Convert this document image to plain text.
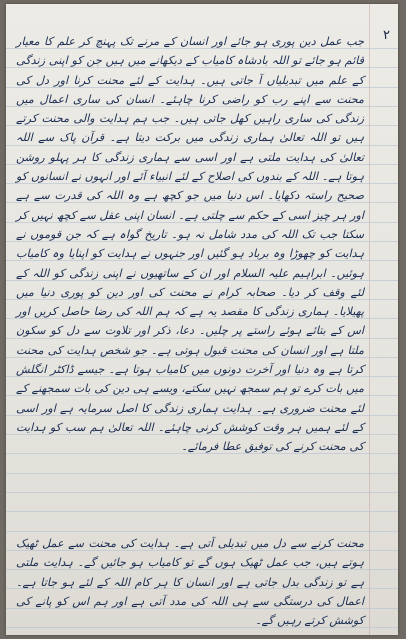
۲

جب عمل دین پوری ہو جائے اور انسان کے مرنے تک پہنچ کر علم کا معیار قائم ہو جائے تو اللہ بادشاہ کامیاب کے دیکھانے میں ہیں جن کو اپنی زندگی کے علم میں تبدیلیاں آ جاتی ہیں۔ ہدایت کے لئے محنت کرنا اور دل کی محنت سے اپنے رب کو راضی کرنا چاہئے۔ انسان کی ساری اعمال میں زندگی کی ساری راہیں کھل جاتی ہیں۔ جب ہم ہدایت والی محنت کرتے ہیں تو اللہ تعالیٰ ہماری زندگی میں برکت دیتا ہے۔ قرآن پاک سے اللہ تعالیٰ کی ہدایت ملتی ہے اور اسی سے ہماری زندگی کا ہر پہلو روشن ہوتا ہے۔ اللہ کے بندوں کی اصلاح کے لئے انبیاء آئے اور انہوں نے انسانوں کو صحیح راستہ دکھایا۔ اس دنیا میں جو کچھ ہے وہ اللہ کی قدرت سے ہے اور ہر چیز اسی کے حکم سے چلتی ہے۔ انسان اپنی عقل سے کچھ نہیں کر سکتا جب تک اللہ کی مدد شامل نہ ہو۔ تاریخ گواہ ہے کہ جن قوموں نے ہدایت کو چھوڑا وہ برباد ہو گئیں اور جنہوں نے ہدایت کو اپنایا وہ کامیاب ہوئیں۔ ابراہیم علیہ السلام اور ان کے ساتھیوں نے اپنی زندگی کو اللہ کے لئے وقف کر دیا۔ صحابہ کرام نے محنت کی اور دین کو پوری دنیا میں پھیلایا۔ ہماری زندگی کا مقصد یہ ہے کہ ہم اللہ کی رضا حاصل کریں اور اس کے بتائے ہوئے راستے پر چلیں۔ دعا، ذکر اور تلاوت سے دل کو سکون ملتا ہے اور انسان کی محنت قبول ہوتی ہے۔ جو شخص ہدایت کی محنت کرتا ہے وہ دنیا اور آخرت دونوں میں کامیاب ہوتا ہے۔ جیسے ڈاکٹر انگلش میں بات کرے تو ہم سمجھ نہیں سکتے، ویسے ہی دین کی بات سمجھنے کے لئے محنت ضروری ہے۔ ہدایت ہماری زندگی کا اصل سرمایہ ہے اور اسی کے لئے ہمیں ہر وقت کوشش کرنی چاہئے۔ اللہ تعالیٰ ہم سب کو ہدایت کی محنت کرنے کی توفیق عطا فرمائے۔

محنت کرنے سے دل میں تبدیلی آتی ہے۔ ہدایت کی محنت سے عمل ٹھیک ہوتے ہیں، جب عمل ٹھیک ہوں گے تو کامیاب ہو جائیں گے۔ ہدایت ملتی ہے تو زندگی بدل جاتی ہے اور انسان کا ہر کام اللہ کے لئے ہو جاتا ہے۔ اعمال کی درستگی سے ہی اللہ کی مدد آتی ہے اور ہم اس کو پانے کی کوشش کرتے رہیں گے۔
